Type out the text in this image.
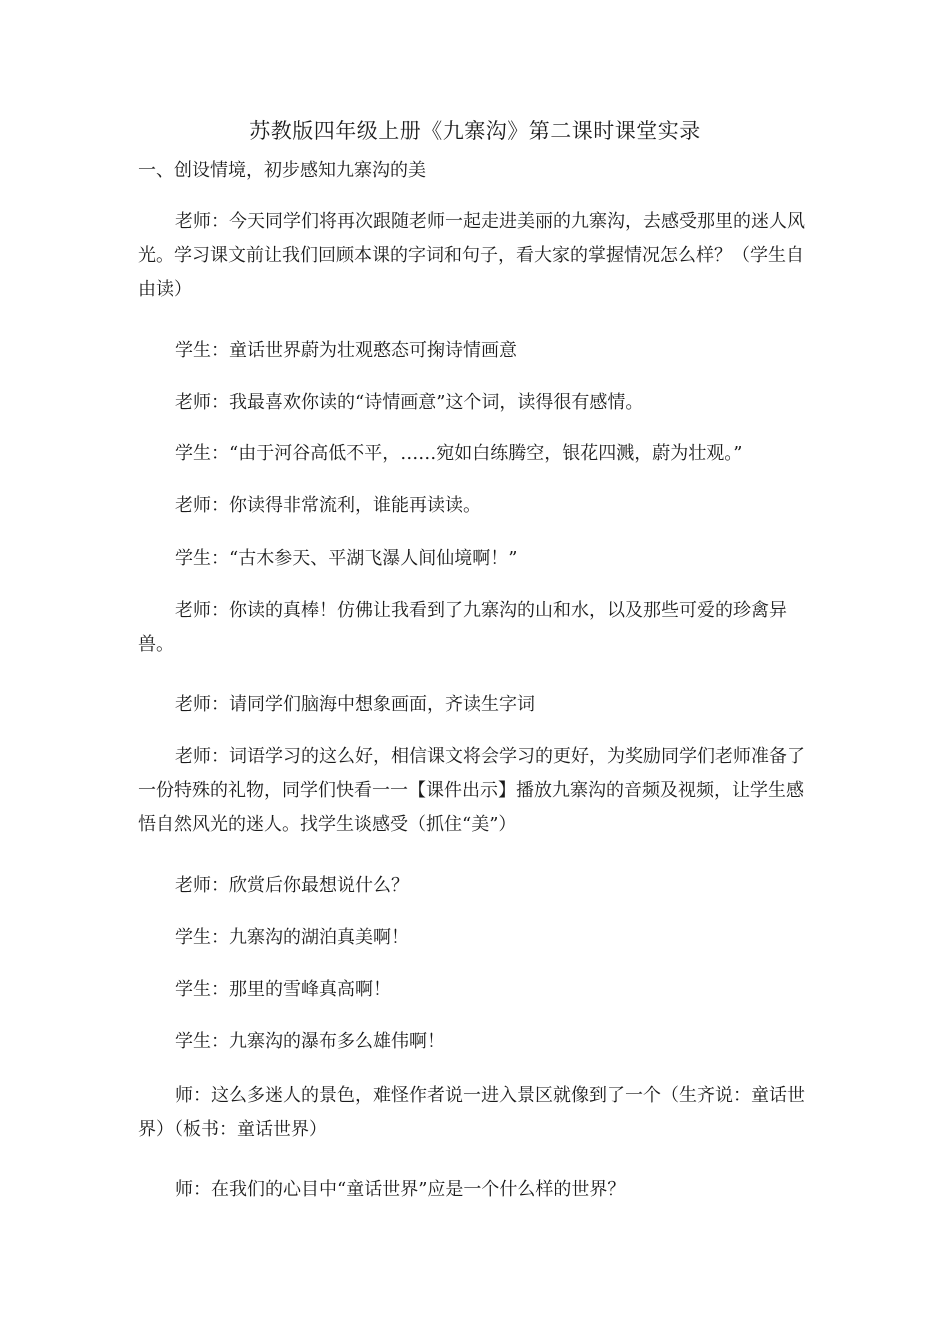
苏教版四年级上册《九寨沟》第二课时课堂实录
一、创设情境，初步感知九寨沟的美

老师：今天同学们将再次跟随老师一起走进美丽的九寨沟，去感受那里的迷人风光。学习课文前让我们回顾本课的字词和句子，看大家的掌握情况怎么样？（学生自由读）

学生：童话世界蔚为壮观憨态可掬诗情画意

老师：我最喜欢你读的“诗情画意”这个词，读得很有感情。

学生：“由于河谷高低不平，……宛如白练腾空，银花四溅，蔚为壮观。”

老师：你读得非常流利，谁能再读读。

学生：“古木参天、平湖飞瀑人间仙境啊！”

老师：你读的真棒！仿佛让我看到了九寨沟的山和水，以及那些可爱的珍禽异兽。

老师：请同学们脑海中想象画面，齐读生字词

老师：词语学习的这么好，相信课文将会学习的更好，为奖励同学们老师准备了一份特殊的礼物，同学们快看一一【课件出示】播放九寨沟的音频及视频，让学生感悟自然风光的迷人。找学生谈感受（抓住“美”）

老师：欣赏后你最想说什么？

学生：九寨沟的湖泊真美啊！

学生：那里的雪峰真高啊！

学生：九寨沟的瀑布多么雄伟啊！

师：这么多迷人的景色，难怪作者说一进入景区就像到了一个（生齐说：童话世界）（板书：童话世界）

师：在我们的心目中“童话世界”应是一个什么样的世界？
